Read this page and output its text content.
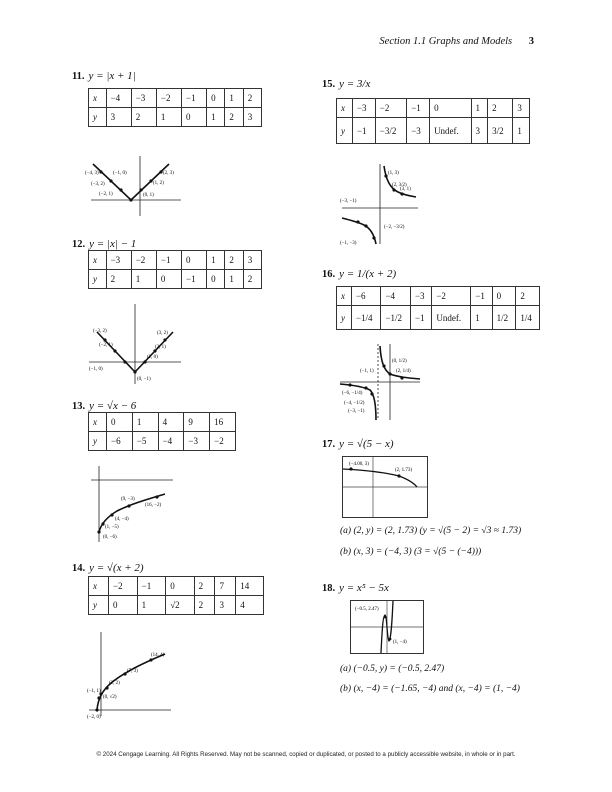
Section 1.1 Graphs and Models 3
11. y = |x + 1|
x	−4	−3	−2	−1	0	1	2
y	3	2	1	0	1	2	3
(−4, 3)
(−3, 2)
(−1, 0)
(−2, 1)	(0, 1)
(1, 2)
(2, 3)
12. y = |x| − 1
x	−3	−2	−1	0	1	2	3
y	2	1	0	−1	0	1	2
(−3, 2)
(−2, 1)
(−1, 0)
(0, −1)
(1, 0)
(2, 1)
(3, 2)
13. y = √x − 6
x	0	1	4	9	16
y	−6	−5	−4	−3	−2
(16, −2)
(9, −3)
(4, −4)
(1, −5)
(0, −6)
14. y = √(x + 2)
x	−2	−1	0	2	7	14
y	0	1	√2	2	3	4
(14, 4)
(7, 3)
(2, 2)
(−1, 1)
(0, √2)
(−2, 0)
15. y = 3/x
x	−3	−2	−1	0	1	2	3
y	−1	−3/2	−3	Undef.	3	3/2	1
(1, 3)
(2, 3/2)
(3, 1)
(−3, −1)
(−2, −3/2)
(−1, −3)
16. y = 1/(x + 2)
x	−6	−4	−3	−2	−1	0	2
y	−1/4	−1/2	−1	Undef.	1	1/2	1/4
(0, 1/2)
(2, 1/4)
(−1, 1)
(−6, −1/4)
(−4, −1/2)
(−3, −1)
17. y = √(5 − x)
(−4.00, 3)
(2, 1.73)
(a) (2, y) = (2, 1.73) (y = √(5 − 2) = √3 ≈ 1.73)
(b) (x, 3) = (−4, 3) (3 = √(5 − (−4)))
18. y = x⁵ − 5x
(−0.5, 2.47)
(1, −4)
(a) (−0.5, y) = (−0.5, 2.47)
(b) (x, −4) = (−1.65, −4) and (x, −4) = (1, −4)
© 2024 Cengage Learning. All Rights Reserved. May not be scanned, copied or duplicated, or posted to a publicly accessible website, in whole or in part.
